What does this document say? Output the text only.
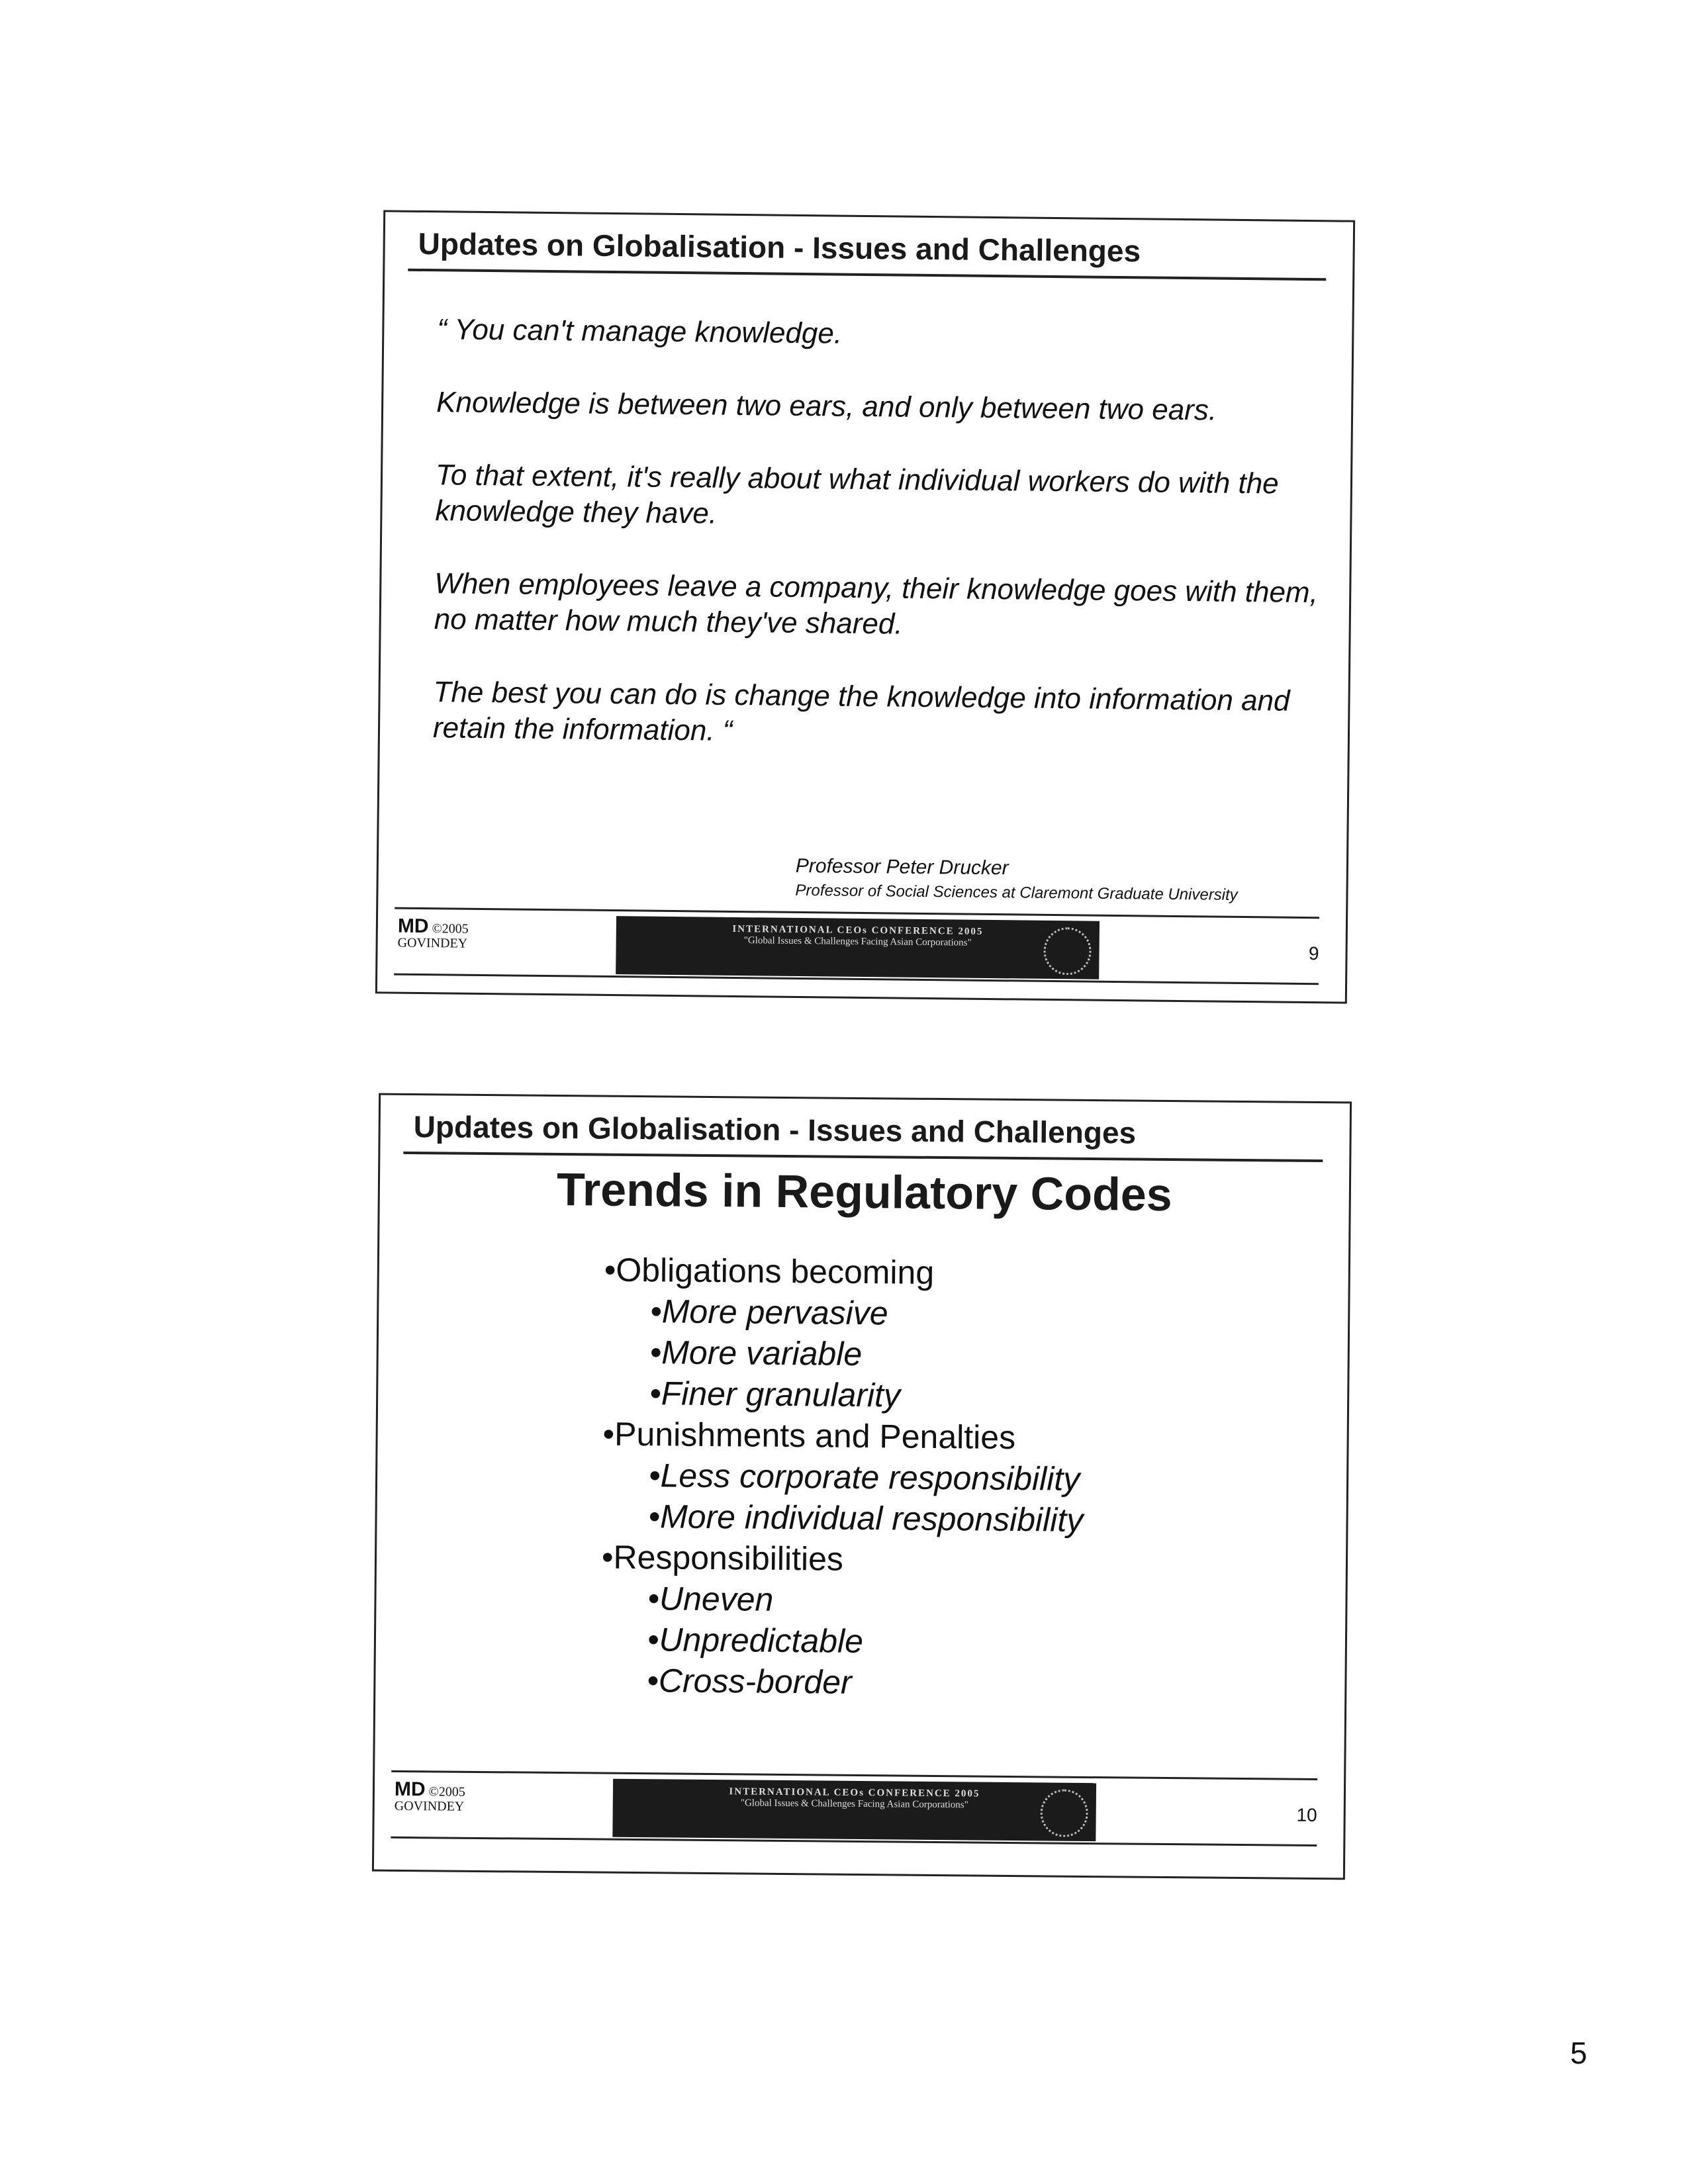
Updates on Globalisation - Issues and Challenges

“ You can't manage knowledge.

Knowledge is between two ears, and only between two ears.

To that extent, it's really about what individual workers do with the knowledge they have.

When employees leave a company, their knowledge goes with them, no matter how much they've shared.

The best you can do is change the knowledge into information and retain the information. “

Professor Peter Drucker
Professor of Social Sciences at Claremont Graduate University
MD ©2005
GOVINDEY
INTERNATIONAL CEOs CONFERENCE 2005
"Global Issues & Challenges Facing Asian Corporations"
9
Updates on Globalisation - Issues and Challenges
Trends in Regulatory Codes
•Obligations becoming
•More pervasive
•More variable
•Finer granularity
•Punishments and Penalties
•Less corporate responsibility
•More individual responsibility
•Responsibilities
•Uneven
•Unpredictable
•Cross-border
MD ©2005
GOVINDEY
INTERNATIONAL CEOs CONFERENCE 2005
"Global Issues & Challenges Facing Asian Corporations"
10
5
